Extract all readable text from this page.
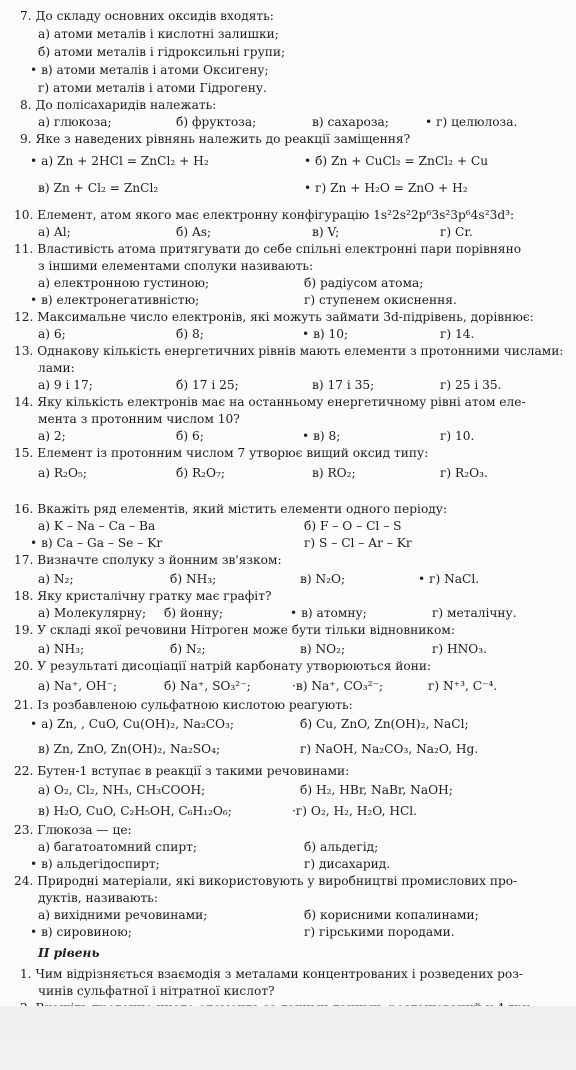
7. До складу основних оксидів входять:
а) атоми металів і кислотні залишки;
б) атоми металів і гідроксильні групи;
• в) атоми металів і атоми Оксигену;
г) атоми металів і атоми Гідрогену.
8. До полісахаридів належать:
а) глюкоза;	б) фруктоза;	в) сахароза;	• г) целюлоза.
9. Яке з наведених рівнянь належить до реакції заміщення?
• а) Zn + 2HCl = ZnCl₂ + H₂	• б) Zn + CuCl₂ = ZnCl₂ + Cu
в) Zn + Cl₂ = ZnCl₂	• г) Zn + H₂O = ZnO + H₂
10. Елемент, атом якого має електронну конфігурацію 1s²2s²2p⁶3s²3p⁶4s²3d³:
а) Al;	б) As;	в) V;	г) Cr.
11. Властивість атома притягувати до себе спільні електронні пари порівняно
з іншими елементами сполуки називають:
а) електронною густиною;	б) радіусом атома;
• в) електронегативністю;	г) ступенем окиснення.
12. Максимальне число електронів, які можуть займати 3d-підрівень, дорівнює:
а) 6;	б) 8;	• в) 10;	г) 14.
13. Однакову кількість енергетичних рівнів мають елементи з протонними числами:
лами:
а) 9 і 17;	б) 17 і 25;	в) 17 і 35;	г) 25 і 35.
14. Яку кількість електронів має на останньому енергетичному рівні атом еле-
мента з протонним числом 10?
а) 2;	б) 6;	• в) 8;	г) 10.
15. Елемент із протонним числом 7 утворює вищий оксид типу:
а) R₂O₅;	б) R₂O₇;	в) RO₂;	г) R₂O₃.
16. Вкажіть ряд елементів, який містить елементи одного періоду:
а) K – Na – Ca – Ba	б) F – O – Cl – S
• в) Ca – Ga – Se – Kr	г) S – Cl – Ar – Kr
17. Визначте сполуку з йонним зв'язком:
а) N₂;	б) NH₃;	в) N₂O;	• г) NaCl.
18. Яку кристалічну гратку має графіт?
а) Молекулярну; б) йонну;	• в) атомну;	г) металічну.
19. У складі якої речовини Нітроген може бути тільки відновником:
а) NH₃;	б) N₂;	в) NO₂;	г) HNO₃.
20. У результаті дисоціації натрій карбонату утворюються йони:
а) Na⁺, OH⁻;	б) Na⁺, SO₃²⁻;	·в) Na⁺, CO₃²⁻;	г) N⁺³, C⁻⁴.
21. Із розбавленою сульфатною кислотою реагують:
• а) Zn, , CuO, Cu(OH)₂, Na₂CO₃;	б) Cu, ZnO, Zn(OH)₂, NaCl;
в) Zn, ZnO, Zn(OH)₂, Na₂SO₄;	г) NaOH, Na₂CO₃, Na₂O, Hg.
22. Бутен-1 вступає в реакції з такими речовинами:
а) O₂, Cl₂, NH₃, CH₃COOH;	б) H₂, HBr, NaBr, NaOH;
в) H₂O, CuO, C₂H₅OH, C₆H₁₂O₆;	·г) O₂, H₂, H₂O, HCl.
23. Глюкоза — це:
а) багатоатомний спирт;	б) альдегід;
• в) альдегідоспирт;	г) дисахарид.
24. Природні матеріали, які використовують у виробництві промислових про-
дуктів, називають:
а) вихідними речовинами;	б) корисними копалинами;
• в) сировиною;	г) гірськими породами.
II рівень
1. Чим відрізняється взаємодія з металами концентрованих і розведених роз-
чинів сульфатної і нітратної кислот?
